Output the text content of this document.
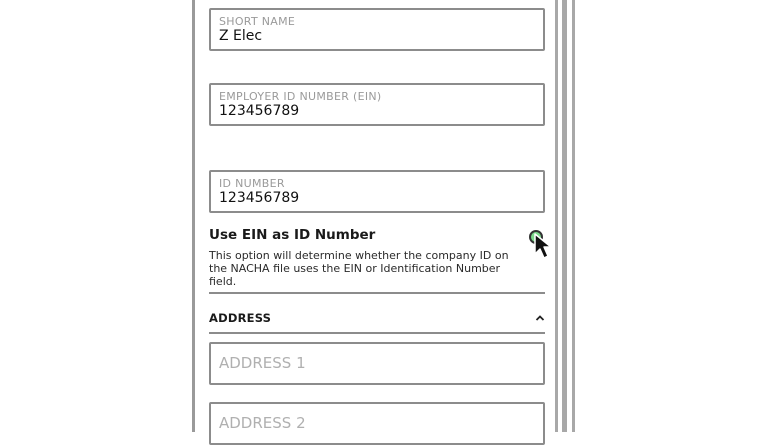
SHORT NAME
Z Elec
EMPLOYER ID NUMBER (EIN)
123456789
ID NUMBER
123456789
Use EIN as ID Number
This option will determine whether the company ID on the NACHA file uses the EIN or Identification Number field.
ADDRESS
ADDRESS 1
ADDRESS 2
